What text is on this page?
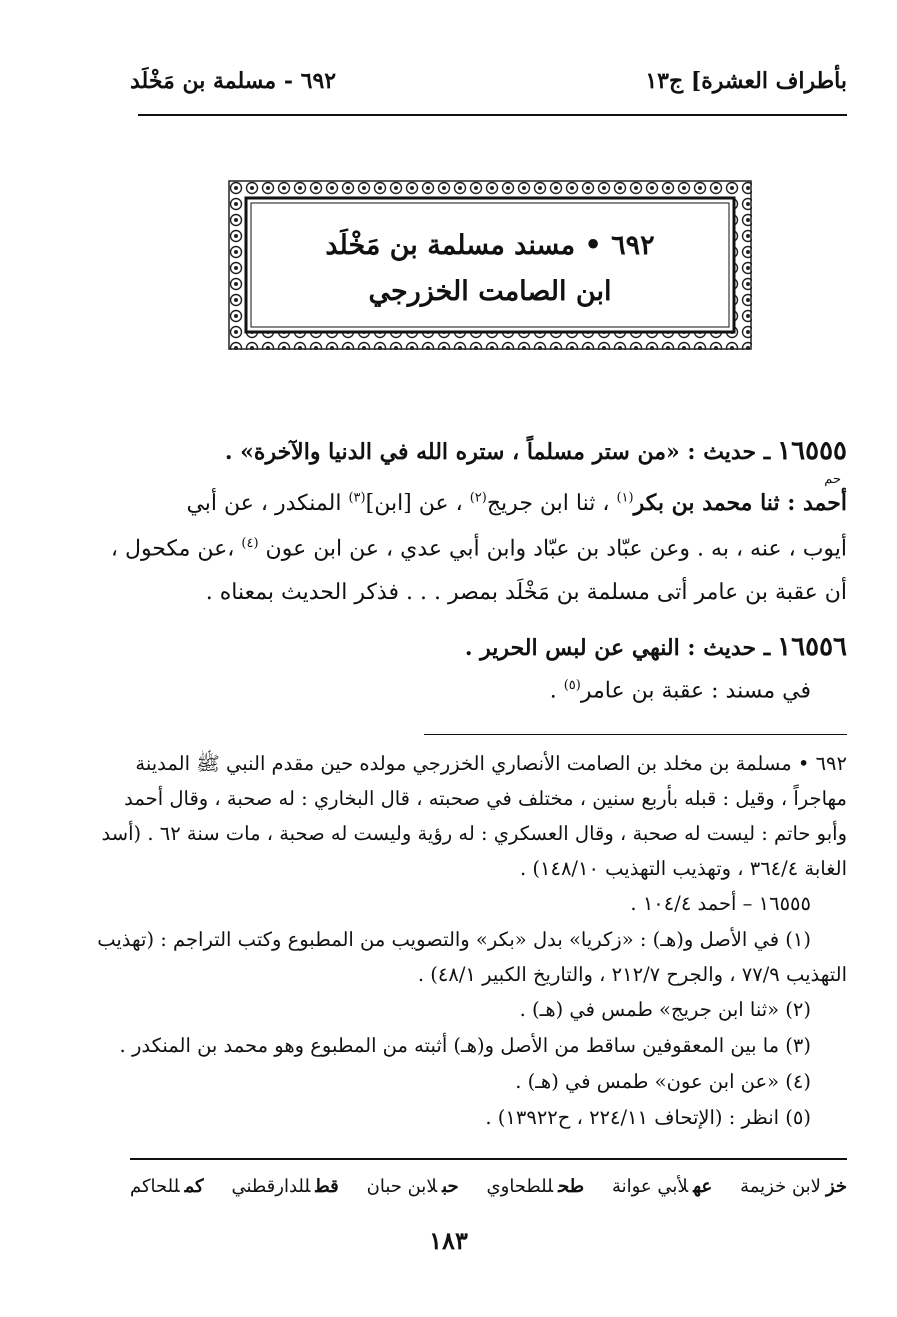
بأطراف العشرة] ج١٣
٦٩٢ - مسلمة بن مَخْلَد
٦٩٢ • مسند مسلمة بن مَخْلَد
ابن الصامت الخزرجي
١٦٥٥٥ ـ حديث : «من ستر مسلماً ، ستره الله في الدنيا والآخرة» .
حم
أحمد : ثنا محمد بن بكر$^{(١)}$ ، ثنا ابن جريج$^{(٢)}$ ، عن [ابن]$^{(٣)}$ المنكدر ، عن أبي
أيوب ، عنه ، به . وعن عبّاد بن عبّاد وابن أبي عدي ، عن ابن عون $^{(٤)}$ ،عن مكحول ،
أن عقبة بن عامر أتى مسلمة بن مَخْلَد بمصر . . . فذكر الحديث بمعناه .
١٦٥٥٦ ـ حديث : النهي عن لبس الحرير .
في مسند : عقبة بن عامر$^{(٥)}$ .
٦٩٢ • مسلمة بن مخلد بن الصامت الأنصاري الخزرجي مولده حين مقدم النبي ﷺ المدينة
مهاجراً ، وقيل : قبله بأربع سنين ، مختلف في صحبته ، قال البخاري : له صحبة ، وقال أحمد
وأبو حاتم : ليست له صحبة ، وقال العسكري : له رؤية وليست له صحبة ، مات سنة ٦٢ . (أسد
الغابة ٣٦٤/٤ ، وتهذيب التهذيب ١٤٨/١٠) .
١٦٥٥٥ – أحمد ١٠٤/٤ .
(١) في الأصل و(هـ) : «زكريا» بدل «بكر» والتصويب من المطبوع وكتب التراجم : (تهذيب
التهذيب ٧٧/٩ ، والجرح ٢١٢/٧ ، والتاريخ الكبير ٤٨/١) .
(٢) «ثنا ابن جريج» طمس في (هـ) .
(٣) ما بين المعقوفين ساقط من الأصل و(هـ) أثبته من المطبوع وهو محمد بن المنكدر .
(٤) «عن ابن عون» طمس في (هـ) .
(٥) انظر : (الإتحاف ٢٢٤/١١ ، ح١٣٩٢٢) .
خزلابن خزيمة
عهلأبي عوانة
طحللطحاوي
حبلابن حبان
قطللدارقطني
كمللحاكم
١٨٣
